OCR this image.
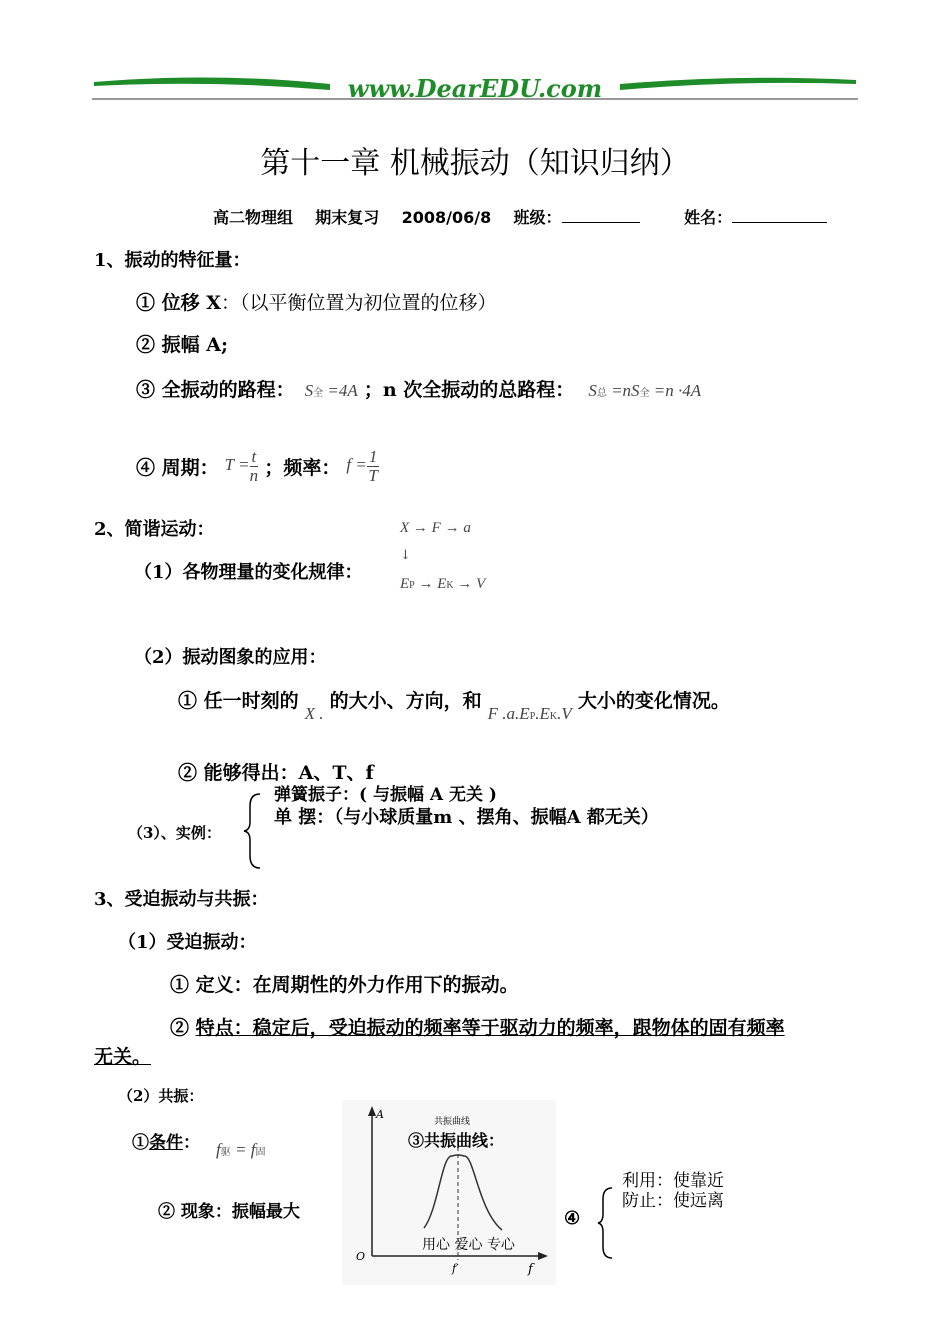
www.DearEDU.com
第十一章 机械振动（知识归纳）
高二物理组 期末复习 2008/06/8 班级：	姓名：
1、振动的特征量：
① 位移 X：（以平衡位置为初位置的位移）
② 振幅 A;
③ 全振动的路程： S全 =4A ；n 次全振动的总路程： S总 =nS全 =n ·4A
④ 周期： $T = \frac{t}{n}$ ；频率： $f = \frac{1}{T}$
2、简谐运动：	X → F → a
（1）各物理量的变化规律：
↓
EP → EK → V
（2）振动图象的应用：
① 任一时刻的 X . 的大小、方向，和 F .a.EP.EK.V 大小的变化情况。
② 能够得出：A、T、f
弹簧振子：( 与振幅 A 无关 )
单 摆：（与小球质量m 、摆角、振幅A 都无关）
（3）、实例：
3、受迫振动与共振：
（1）受迫振动：
① 定义：在周期性的外力作用下的振动。
② 特点：稳定后，受迫振动的频率等于驱动力的频率，跟物体的固有频率
无关。
（2）共振：
①条件： f驱 = f固
② 现象：振幅最大
A
共振曲线
用心 爱心 专心
O
f′	f
③共振曲线：
④
利用：使靠近
防止：使远离
